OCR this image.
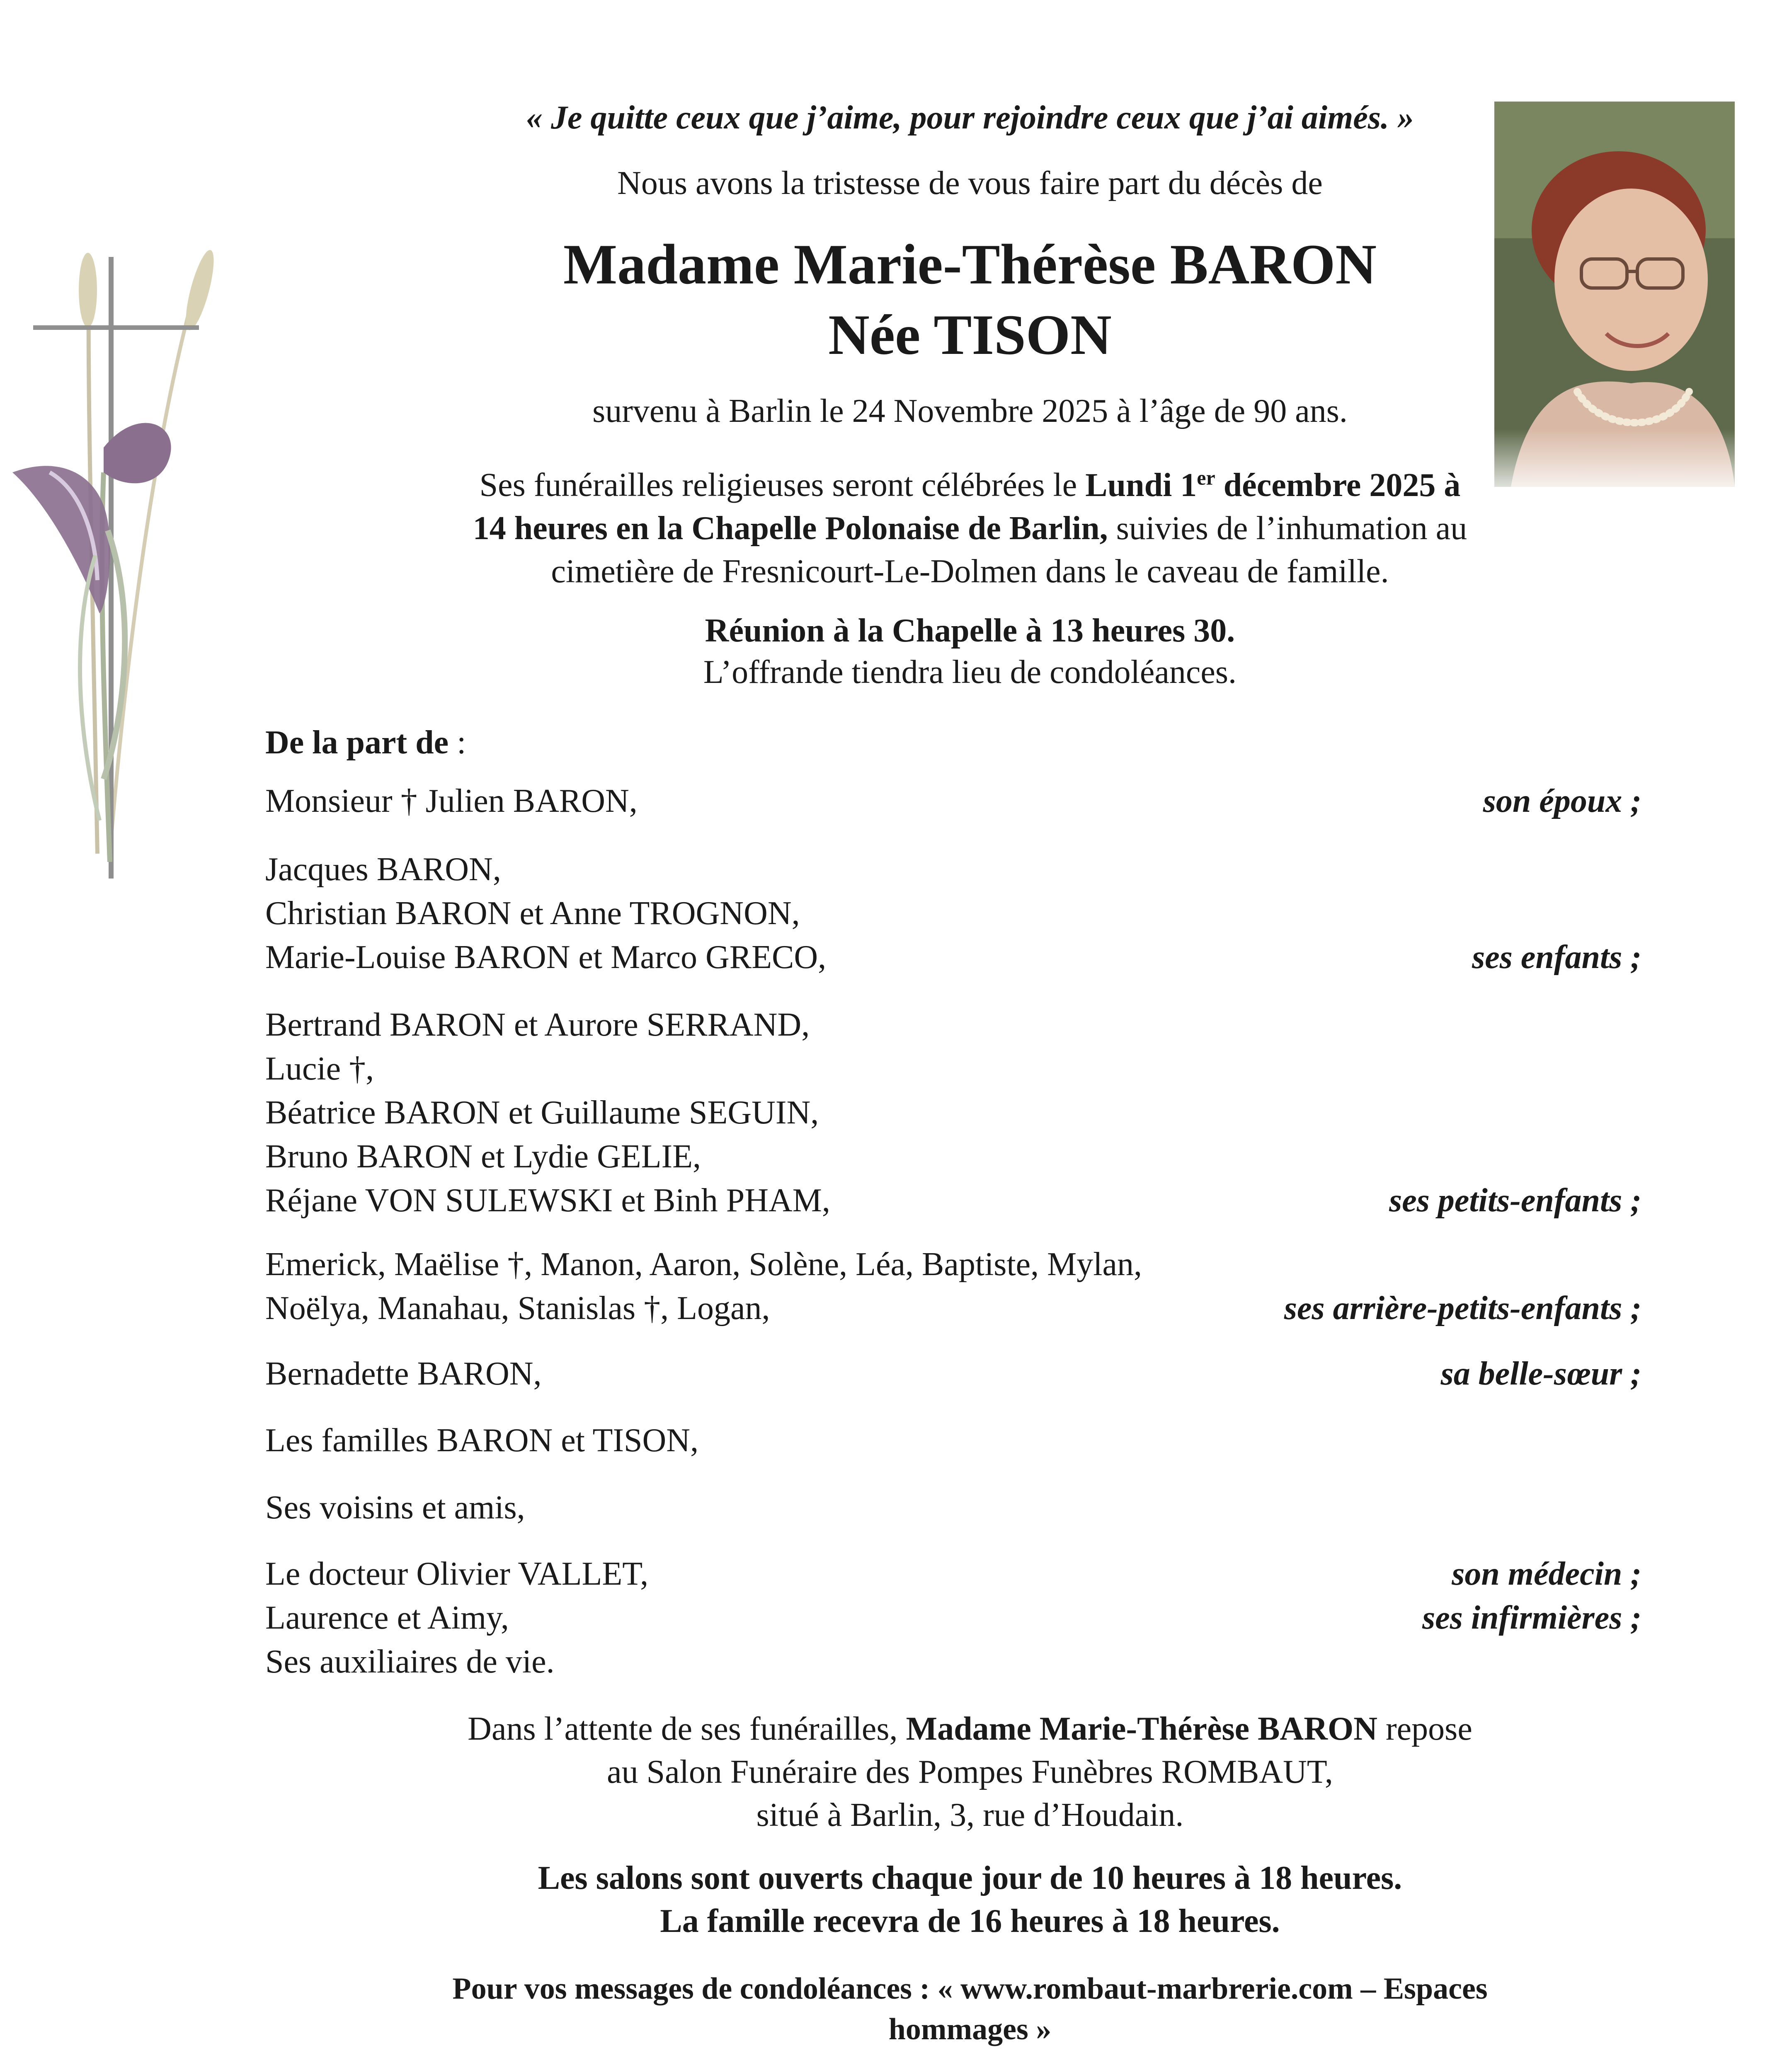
« Je quitte ceux que j’aime, pour rejoindre ceux que j’ai aimés. »
Nous avons la tristesse de vous faire part du décès de
Madame Marie-Thérèse BARON
Née TISON
survenu à Barlin le 24 Novembre 2025 à l’âge de 90 ans.
Ses funérailles religieuses seront célébrées le Lundi 1er décembre 2025 à
14 heures en la Chapelle Polonaise de Barlin, suivies de l’inhumation au
cimetière de Fresnicourt-Le-Dolmen dans le caveau de famille.
Réunion à la Chapelle à 13 heures 30.
L’offrande tiendra lieu de condoléances.
De la part de :
Monsieur † Julien BARON,	son époux ;
Jacques BARON,
Christian BARON et Anne TROGNON,
Marie-Louise BARON et Marco GRECO,	ses enfants ;
Bertrand BARON et Aurore SERRAND,
Lucie †,
Béatrice BARON et Guillaume SEGUIN,
Bruno BARON et Lydie GELIE,
Réjane VON SULEWSKI et Binh PHAM,	ses petits-enfants ;
Emerick, Maëlise †, Manon, Aaron, Solène, Léa, Baptiste, Mylan,
Noëlya, Manahau, Stanislas †, Logan,	ses arrière-petits-enfants ;
Bernadette BARON,	sa belle-sœur ;
Les familles BARON et TISON,
Ses voisins et amis,
Le docteur Olivier VALLET,	son médecin ;
Laurence et Aimy,	ses infirmières ;
Ses auxiliaires de vie.
Dans l’attente de ses funérailles, Madame Marie-Thérèse BARON repose
au Salon Funéraire des Pompes Funèbres ROMBAUT,
situé à Barlin, 3, rue d’Houdain.
Les salons sont ouverts chaque jour de 10 heures à 18 heures.
La famille recevra de 16 heures à 18 heures.
Pour vos messages de condoléances : « www.rombaut-marbrerie.com – Espaces
hommages »
